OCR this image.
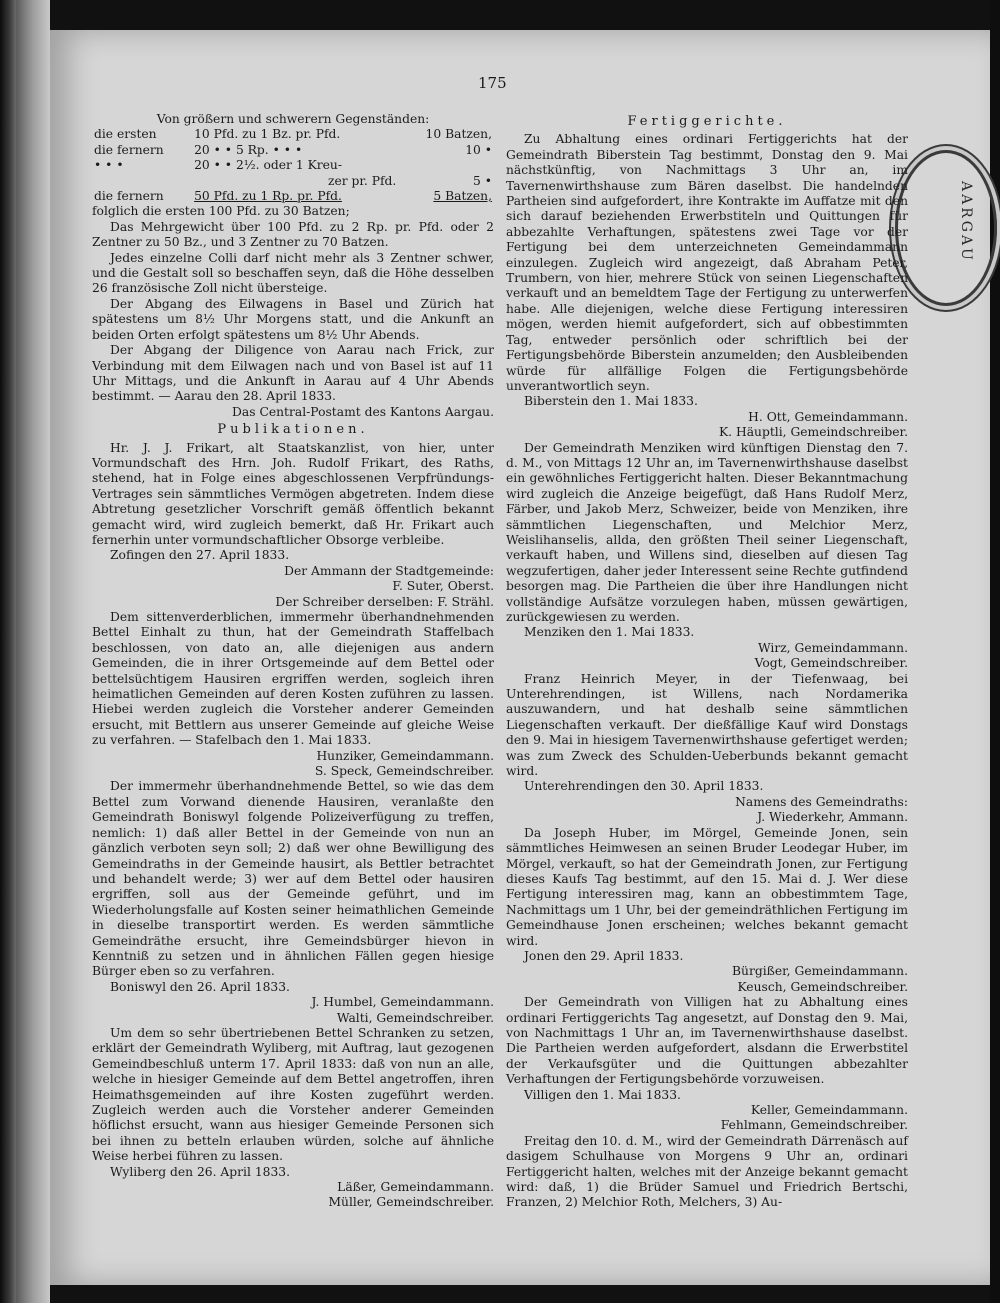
175
AARGAU

Von größern und schwerern Gegenständen:

die ersten	10 Pfd. zu 1 Bz. pr. Pfd.	10 Batzen,
die fernern	20 • • 5 Rp. • • •	10 •
• • •	20 • • 2½. oder 1 Kreu-	
	zer pr. Pfd.	5 •
die fernern	50 Pfd. zu 1 Rp. pr. Pfd.	5 Batzen,

folglich die ersten 100 Pfd. zu 30 Batzen;

Das Mehrgewicht über 100 Pfd. zu 2 Rp. pr. Pfd. oder 2 Zentner zu 50 Bz., und 3 Zentner zu 70 Batzen.

Jedes einzelne Colli darf nicht mehr als 3 Zentner schwer, und die Gestalt soll so beschaffen seyn, daß die Höhe desselben 26 französische Zoll nicht übersteige.

Der Abgang des Eilwagens in Basel und Zürich hat spätestens um 8½ Uhr Morgens statt, und die Ankunft an beiden Orten erfolgt spätestens um 8½ Uhr Abends.

Der Abgang der Diligence von Aarau nach Frick, zur Verbindung mit dem Eilwagen nach und von Basel ist auf 11 Uhr Mittags, und die Ankunft in Aarau auf 4 Uhr Abends bestimmt. — Aarau den 28. April 1833.

Das Central-Postamt des Kantons Aargau.

Publikationen.

Hr. J. J. Frikart, alt Staatskanzlist, von hier, unter Vormundschaft des Hrn. Joh. Rudolf Frikart, des Raths, stehend, hat in Folge eines abgeschlossenen Verpfründungs-Vertrages sein sämmtliches Vermögen abgetreten. Indem diese Abtretung gesetzlicher Vorschrift gemäß öffentlich bekannt gemacht wird, wird zugleich bemerkt, daß Hr. Frikart auch fernerhin unter vormundschaftlicher Obsorge verbleibe.

Zofingen den 27. April 1833.

Der Ammann der Stadtgemeinde:

F. Suter, Oberst.

Der Schreiber derselben: F. Strähl.

Dem sittenverderblichen, immermehr überhandnehmenden Bettel Einhalt zu thun, hat der Gemeindrath Staffelbach beschlossen, von dato an, alle diejenigen aus andern Gemeinden, die in ihrer Ortsgemeinde auf dem Bettel oder bettelsüchtigem Hausiren ergriffen werden, sogleich ihren heimatlichen Gemeinden auf deren Kosten zuführen zu lassen. Hiebei werden zugleich die Vorsteher anderer Gemeinden ersucht, mit Bettlern aus unserer Gemeinde auf gleiche Weise zu verfahren. — Stafelbach den 1. Mai 1833.

Hunziker, Gemeindammann.

S. Speck, Gemeindschreiber.

Der immermehr überhandnehmende Bettel, so wie das dem Bettel zum Vorwand dienende Hausiren, veranlaßte den Gemeindrath Boniswyl folgende Polizeiverfügung zu treffen, nemlich: 1) daß aller Bettel in der Gemeinde von nun an gänzlich verboten seyn soll; 2) daß wer ohne Bewilligung des Gemeindraths in der Gemeinde hausirt, als Bettler betrachtet und behandelt werde; 3) wer auf dem Bettel oder hausiren ergriffen, soll aus der Gemeinde geführt, und im Wiederholungsfalle auf Kosten seiner heimathlichen Gemeinde in dieselbe transportirt werden. Es werden sämmtliche Gemeindräthe ersucht, ihre Gemeindsbürger hievon in Kenntniß zu setzen und in ähnlichen Fällen gegen hiesige Bürger eben so zu verfahren.

Boniswyl den 26. April 1833.

J. Humbel, Gemeindammann.

Walti, Gemeindschreiber.

Um dem so sehr übertriebenen Bettel Schranken zu setzen, erklärt der Gemeindrath Wyliberg, mit Auftrag, laut gezogenen Gemeindbeschluß unterm 17. April 1833: daß von nun an alle, welche in hiesiger Gemeinde auf dem Bettel angetroffen, ihren Heimathsgemeinden auf ihre Kosten zugeführt werden. Zugleich werden auch die Vorsteher anderer Gemeinden höflichst ersucht, wann aus hiesiger Gemeinde Personen sich bei ihnen zu betteln erlauben würden, solche auf ähnliche Weise herbei führen zu lassen.

Wyliberg den 26. April 1833.

Läßer, Gemeindammann.

Müller, Gemeindschreiber.

Fertiggerichte.

Zu Abhaltung eines ordinari Fertiggerichts hat der Gemeindrath Biberstein Tag bestimmt, Donstag den 9. Mai nächstkünftig, von Nachmittags 3 Uhr an, im Tavernenwirthshause zum Bären daselbst. Die handelnden Partheien sind aufgefordert, ihre Kontrakte im Auffatze mit den sich darauf beziehenden Erwerbstiteln und Quittungen für abbezahlte Verhaftungen, spätestens zwei Tage vor der Fertigung bei dem unterzeichneten Gemeindammann einzulegen. Zugleich wird angezeigt, daß Abraham Peter, Trumbern, von hier, mehrere Stück von seinen Liegenschaften verkauft und an bemeldtem Tage der Fertigung zu unterwerfen habe. Alle diejenigen, welche diese Fertigung interessiren mögen, werden hiemit aufgefordert, sich auf obbestimmten Tag, entweder persönlich oder schriftlich bei der Fertigungsbehörde Biberstein anzumelden; den Ausbleibenden würde für allfällige Folgen die Fertigungsbehörde unverantwortlich seyn.

Biberstein den 1. Mai 1833.

H. Ott, Gemeindammann.

K. Häuptli, Gemeindschreiber.

Der Gemeindrath Menziken wird künftigen Dienstag den 7. d. M., von Mittags 12 Uhr an, im Tavernenwirthshause daselbst ein gewöhnliches Fertiggericht halten. Dieser Bekanntmachung wird zugleich die Anzeige beigefügt, daß Hans Rudolf Merz, Färber, und Jakob Merz, Schweizer, beide von Menziken, ihre sämmtlichen Liegenschaften, und Melchior Merz, Weislihanselis, allda, den größten Theil seiner Liegenschaft, verkauft haben, und Willens sind, dieselben auf diesen Tag wegzufertigen, daher jeder Interessent seine Rechte gutfindend besorgen mag. Die Partheien die über ihre Handlungen nicht vollständige Aufsätze vorzulegen haben, müssen gewärtigen, zurückgewiesen zu werden.

Menziken den 1. Mai 1833.

Wirz, Gemeindammann.

Vogt, Gemeindschreiber.

Franz Heinrich Meyer, in der Tiefenwaag, bei Unterehrendingen, ist Willens, nach Nordamerika auszuwandern, und hat deshalb seine sämmtlichen Liegenschaften verkauft. Der dießfällige Kauf wird Donstags den 9. Mai in hiesigem Tavernenwirthshause gefertiget werden; was zum Zweck des Schulden-Ueberbunds bekannt gemacht wird.

Unterehrendingen den 30. April 1833.

Namens des Gemeindraths:

J. Wiederkehr, Ammann.

Da Joseph Huber, im Mörgel, Gemeinde Jonen, sein sämmtliches Heimwesen an seinen Bruder Leodegar Huber, im Mörgel, verkauft, so hat der Gemeindrath Jonen, zur Fertigung dieses Kaufs Tag bestimmt, auf den 15. Mai d. J. Wer diese Fertigung interessiren mag, kann an obbestimmtem Tage, Nachmittags um 1 Uhr, bei der gemeindräthlichen Fertigung im Gemeindhause Jonen erscheinen; welches bekannt gemacht wird.

Jonen den 29. April 1833.

Bürgißer, Gemeindammann.

Keusch, Gemeindschreiber.

Der Gemeindrath von Villigen hat zu Abhaltung eines ordinari Fertiggerichts Tag angesetzt, auf Donstag den 9. Mai, von Nachmittags 1 Uhr an, im Tavernenwirthshause daselbst. Die Partheien werden aufgefordert, alsdann die Erwerbstitel der Verkaufsgüter und die Quittungen abbezahlter Verhaftungen der Fertigungsbehörde vorzuweisen.

Villigen den 1. Mai 1833.

Keller, Gemeindammann.

Fehlmann, Gemeindschreiber.

Freitag den 10. d. M., wird der Gemeindrath Därrenäsch auf dasigem Schulhause von Morgens 9 Uhr an, ordinari Fertiggericht halten, welches mit der Anzeige bekannt gemacht wird: daß, 1) die Brüder Samuel und Friedrich Bertschi, Franzen, 2) Melchior Roth, Melchers, 3) Au-
